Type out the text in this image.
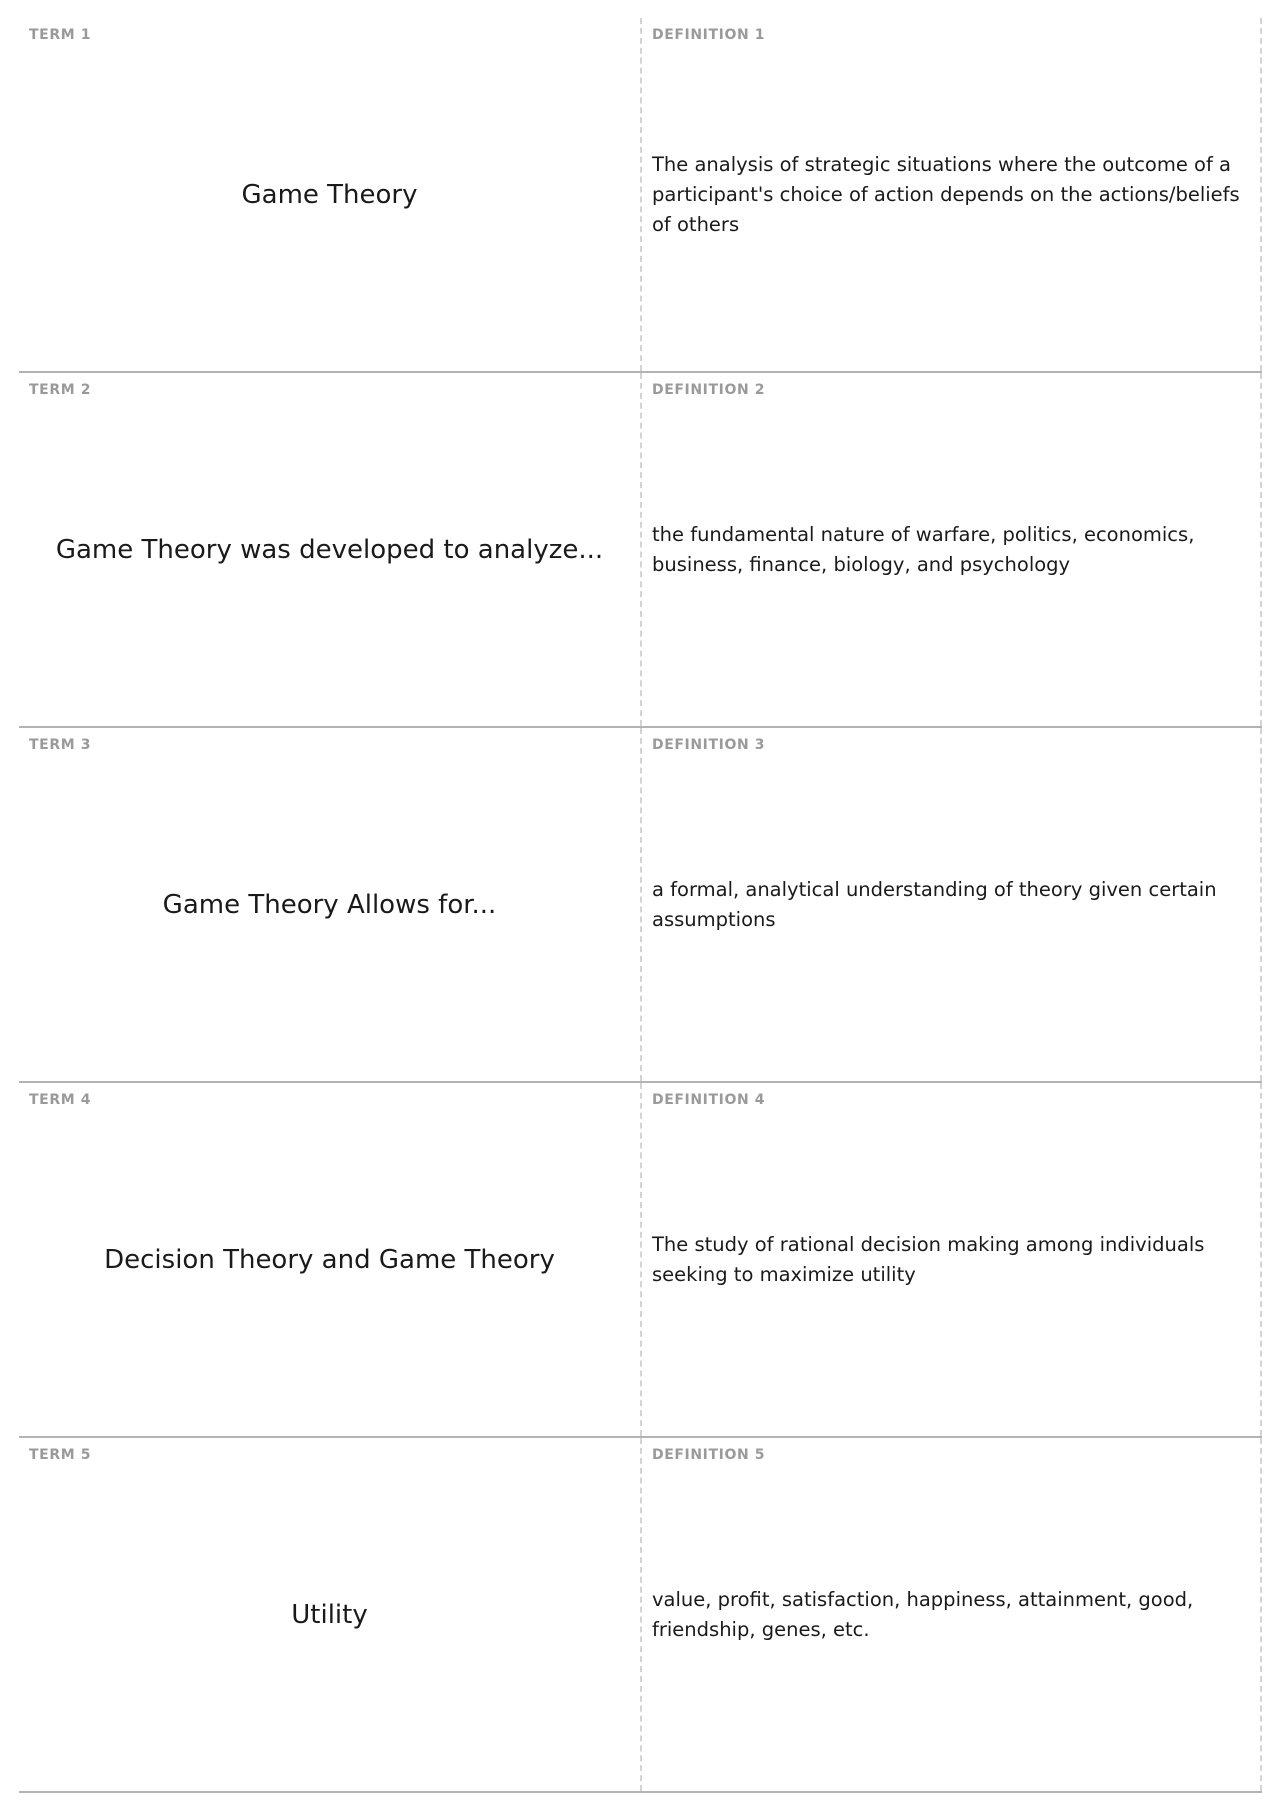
TERM 1
Game Theory
DEFINITION 1
The analysis of strategic situations where the outcome of a participant's choice of action depends on the actions/beliefs of others
TERM 2
Game Theory was developed to analyze...
DEFINITION 2
the fundamental nature of warfare, politics, economics, business, finance, biology, and psychology
TERM 3
Game Theory Allows for...
DEFINITION 3
a formal, analytical understanding of theory given certain assumptions
TERM 4
Decision Theory and Game Theory
DEFINITION 4
The study of rational decision making among individuals seeking to maximize utility
TERM 5
Utility
DEFINITION 5
value, profit, satisfaction, happiness, attainment, good, friendship, genes, etc.
